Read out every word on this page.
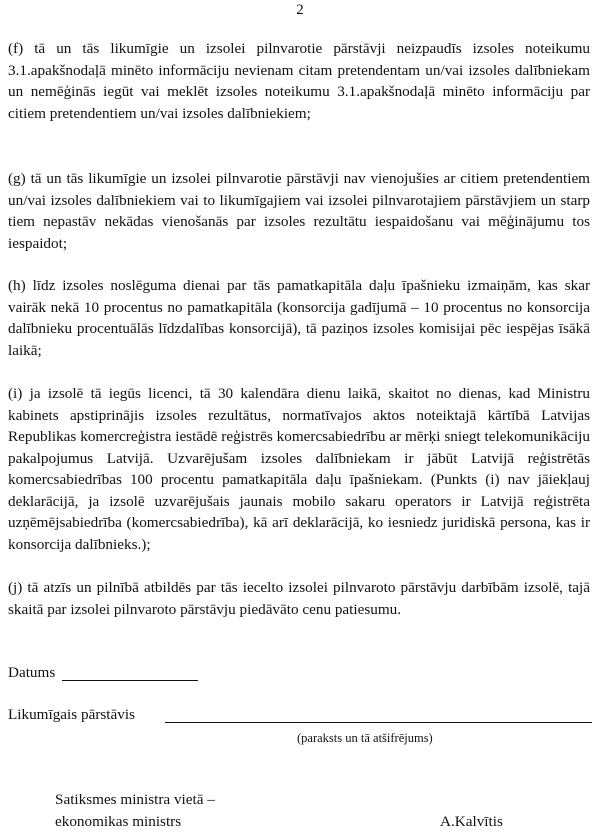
2
(f) tā un tās likumīgie un izsolei pilnvarotie pārstāvji neizpaudīs izsoles noteikumu 3.1.apakšnodaļā minēto informāciju nevienam citam pretendentam un/vai izsoles dalībniekam un nemēģinās iegūt vai meklēt izsoles noteikumu 3.1.apakšnodaļā minēto informāciju par citiem pretendentiem un/vai izsoles dalībniekiem;
(g) tā un tās likumīgie un izsolei pilnvarotie pārstāvji nav vienojušies ar citiem pretendentiem un/vai izsoles dalībniekiem vai to likumīgajiem vai izsolei pilnvarotajiem pārstāvjiem un starp tiem nepastāv nekādas vienošanās par izsoles rezultātu iespaidošanu vai mēģinājumu tos iespaidot;
(h) līdz izsoles noslēguma dienai par tās pamatkapitāla daļu īpašnieku izmaiņām, kas skar vairāk nekā 10 procentus no pamatkapitāla (konsorcija gadījumā – 10 procentus no konsorcija dalībnieku procentuālās līdzdalības konsorcijā), tā paziņos izsoles komisijai pēc iespējas īsākā laikā;
(i) ja izsolē tā iegūs licenci, tā 30 kalendāra dienu laikā, skaitot no dienas, kad Ministru kabinets apstiprinājis izsoles rezultātus, normatīvajos aktos noteiktajā kārtībā Latvijas Republikas komercreģistra iestādē reģistrēs komercsabiedrību ar mērķi sniegt telekomunikāciju pakalpojumus Latvijā. Uzvarējušam izsoles dalībniekam ir jābūt Latvijā reģistrētās komercsabiedrības 100 procentu pamatkapitāla daļu īpašniekam. (Punkts (i) nav jāiekļauj deklarācijā, ja izsolē uzvarējušais jaunais mobilo sakaru operators ir Latvijā reģistrēta uzņēmējsabiedrība (komercsabiedrība), kā arī deklarācijā, ko iesniedz juridiskā persona, kas ir konsorcija dalībnieks.);
(j) tā atzīs un pilnībā atbildēs par tās iecelto izsolei pilnvaroto pārstāvju darbībām izsolē, tajā skaitā par izsolei pilnvaroto pārstāvju piedāvāto cenu patiesumu.
Datums
Likumīgais pārstāvis
(paraksts un tā atšifrējums)
Satiksmes ministra vietā –
ekonomikas ministrs	A.Kalvītis
